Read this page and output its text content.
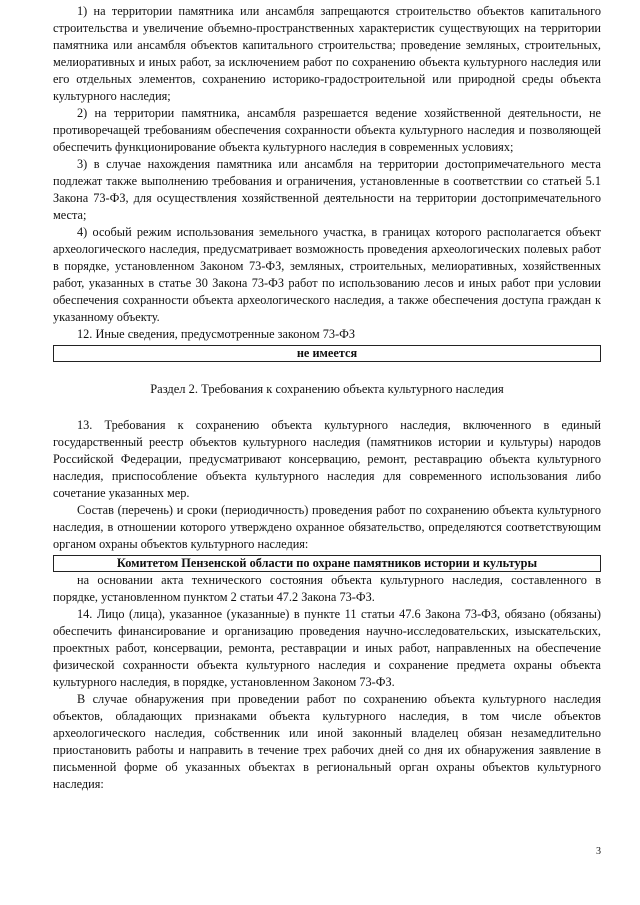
1) на территории памятника или ансамбля запрещаются строительство объектов капитального строительства и увеличение объемно-пространственных характеристик существующих на территории памятника или ансамбля объектов капитального строительства; проведение земляных, строительных, мелиоративных и иных работ, за исключением работ по сохранению объекта культурного наследия или его отдельных элементов, сохранению историко-градостроительной или природной среды объекта культурного наследия;

2) на территории памятника, ансамбля разрешается ведение хозяйственной деятельности, не противоречащей требованиям обеспечения сохранности объекта культурного наследия и позволяющей обеспечить функционирование объекта культурного наследия в современных условиях;

3) в случае нахождения памятника или ансамбля на территории достопримечательного места подлежат также выполнению требования и ограничения, установленные в соответствии со статьей 5.1 Закона 73-ФЗ, для осуществления хозяйственной деятельности на территории достопримечательного места;

4) особый режим использования земельного участка, в границах которого располагается объект археологического наследия, предусматривает возможность проведения археологических полевых работ в порядке, установленном Законом 73-ФЗ, земляных, строительных, мелиоративных, хозяйственных работ, указанных в статье 30 Закона 73-ФЗ работ по использованию лесов и иных работ при условии обеспечения сохранности объекта археологического наследия, а также обеспечения доступа граждан к указанному объекту.

12. Иные сведения, предусмотренные законом 73-ФЗ

не имеется
Раздел 2. Требования к сохранению объекта культурного наследия

13. Требования к сохранению объекта культурного наследия, включенного в единый государственный реестр объектов культурного наследия (памятников истории и культуры) народов Российской Федерации, предусматривают консервацию, ремонт, реставрацию объекта культурного наследия, приспособление объекта культурного наследия для современного использования либо сочетание указанных мер.

Состав (перечень) и сроки (периодичность) проведения работ по сохранению объекта культурного наследия, в отношении которого утверждено охранное обязательство, определяются соответствующим органом охраны объектов культурного наследия:

Комитетом Пензенской области по охране памятников истории и культуры

на основании акта технического состояния объекта культурного наследия, составленного в порядке, установленном пунктом 2 статьи 47.2 Закона 73-ФЗ.

14. Лицо (лица), указанное (указанные) в пункте 11 статьи 47.6 Закона 73-ФЗ, обязано (обязаны) обеспечить финансирование и организацию проведения научно-исследовательских, изыскательских, проектных работ, консервации, ремонта, реставрации и иных работ, направленных на обеспечение физической сохранности объекта культурного наследия и сохранение предмета охраны объекта культурного наследия, в порядке, установленном Законом 73-ФЗ.

В случае обнаружения при проведении работ по сохранению объекта культурного наследия объектов, обладающих признаками объекта культурного наследия, в том числе объектов археологического наследия, собственник или иной законный владелец обязан незамедлительно приостановить работы и направить в течение трех рабочих дней со дня их обнаружения заявление в письменной форме об указанных объектах в региональный орган охраны объектов культурного наследия:

3
